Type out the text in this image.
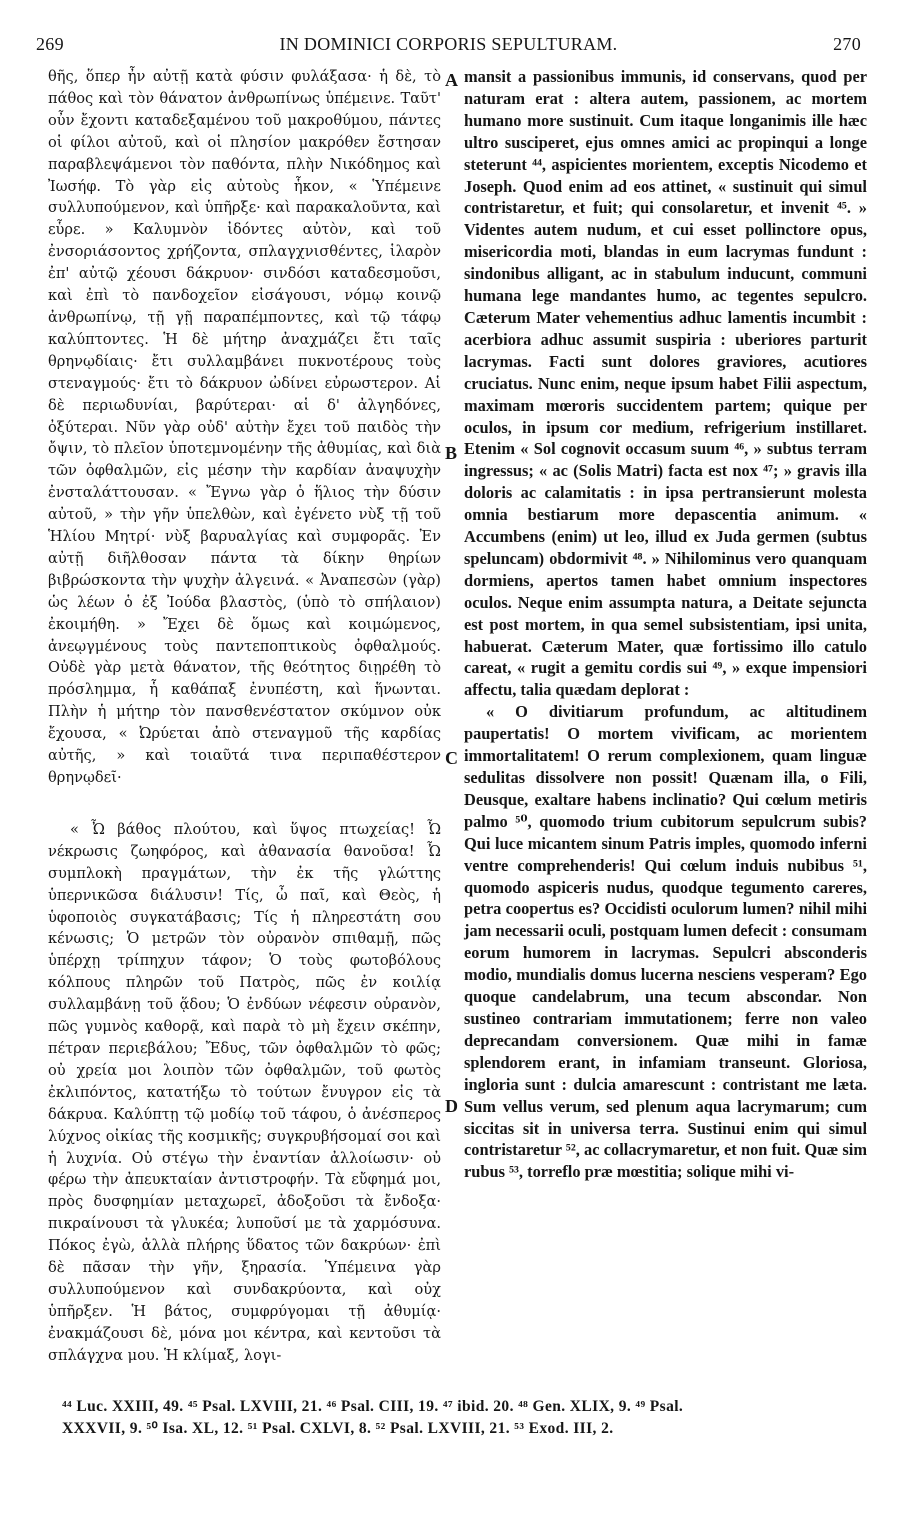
269	IN DOMINICI CORPORIS SEPULTURAM.	270

θῆς, ὅπερ ἦν αὐτῇ κατὰ φύσιν φυλάξασα· ἡ δὲ, τὸ πάθος καὶ τὸν θάνατον ἀνθρωπίνως ὑπέμεινε. Ταῦτ' οὖν ἔχοντι καταδεξαμένου τοῦ μακροθύμου, πάντες οἱ φίλοι αὐτοῦ, καὶ οἱ πλησίον μακρόθεν ἔστησαν παραβλεψάμενοι τὸν παθόντα, πλὴν Νικόδημος καὶ Ἰωσήφ. Τὸ γὰρ εἰς αὐτοὺς ἧκον, « Ὑπέμεινε συλλυπούμενον, καὶ ὑπῆρξε· καὶ παρακαλοῦντα, καὶ εὗρε. » Καλυμνὸν ἰδόντες αὐτὸν, καὶ τοῦ ἐνσοριάσοντος χρήζοντα, σπλαγχνισθέντες, ἱλαρὸν ἐπ' αὐτῷ χέουσι δάκρυον· σινδόσι καταδεσμοῦσι, καὶ ἐπὶ τὸ πανδοχεῖον εἰσάγουσι, νόμῳ κοινῷ ἀνθρωπίνῳ, τῇ γῇ παραπέμποντες, καὶ τῷ τάφῳ καλύπτοντες. Ἡ δὲ μήτηρ ἀναχμάζει ἔτι ταῖς θρηνῳδίαις· ἔτι συλλαμβάνει πυκνοτέρους τοὺς στεναγμούς· ἔτι τὸ δάκρυον ὠδίνει εὐρωστερον. Αἱ δὲ περιωδυνίαι, βαρύτεραι· αἱ δ' ἀλγηδόνες, ὀξύτεραι. Νῦν γὰρ οὐδ' αὐτὴν ἔχει τοῦ παιδὸς τὴν ὄψιν, τὸ πλεῖον ὑποτεμνομένην τῆς ἀθυμίας, καὶ διὰ τῶν ὀφθαλμῶν, εἰς μέσην τὴν καρδίαν ἀναψυχὴν ἐνσταλάττουσαν. « Ἔγνω γὰρ ὁ ἥλιος τὴν δύσιν αὐτοῦ, » τὴν γῆν ὑπελθὼν, καὶ ἐγένετο νὺξ τῇ τοῦ Ἡλίου Μητρί· νὺξ βαρυαλγίας καὶ συμφορᾶς. Ἐν αὐτῇ διῆλθοσαν πάντα τὰ δίκην θηρίων βιβρώσκοντα τὴν ψυχὴν ἀλγεινά. « Ἀναπεσὼν (γὰρ) ὡς λέων ὁ ἐξ Ἰούδα βλαστὸς, (ὑπὸ τὸ σπήλαιον) ἐκοιμήθη. » Ἔχει δὲ ὅμως καὶ κοιμώμενος, ἀνεῳγμένους τοὺς παντεποπτικοὺς ὀφθαλμούς. Οὐδὲ γὰρ μετὰ θάνατον, τῆς θεότητος διῃρέθη τὸ πρόσλημμα, ἧ καθάπαξ ἐνυπέστη, καὶ ἥνωνται. Πλὴν ἡ μήτηρ τὸν πανσθενέστατον σκύμνον οὐκ ἔχουσα, « Ὠρύεται ἀπὸ στεναγμοῦ τῆς καρδίας αὐτῆς, » καὶ τοιαῦτά τινα περιπαθέστερον θρηνῳδεῖ·

« Ὦ βάθος πλούτου, καὶ ὕψος πτωχείας! Ὦ νέκρωσις ζωηφόρος, καὶ ἀθανασία θανοῦσα! Ὦ συμπλοκὴ πραγμάτων, τὴν ἐκ τῆς γλώττης ὑπερνικῶσα διάλυσιν! Τίς, ὦ παῖ, καὶ Θεὸς, ἡ ὑφοποιὸς συγκατάβασις; Τίς ἡ πληρεστάτη σου κένωσις; Ὁ μετρῶν τὸν οὐρανὸν σπιθαμῇ, πῶς ὑπέρχῃ τρίπηχυν τάφον; Ὁ τοὺς φωτοβόλους κόλπους πληρῶν τοῦ Πατρὸς, πῶς ἐν κοιλίᾳ συλλαμβάνῃ τοῦ ᾅδου; Ὁ ἐνδύων νέφεσιν οὐρανὸν, πῶς γυμνὸς καθορᾷ, καὶ παρὰ τὸ μὴ ἔχειν σκέπην, πέτραν περιεβάλου; Ἔδυς, τῶν ὀφθαλμῶν τὸ φῶς; οὐ χρεία μοι λοιπὸν τῶν ὀφθαλμῶν, τοῦ φωτὸς ἐκλιπόντος, κατατήξω τὸ τούτων ἔνυγρον εἰς τὰ δάκρυα. Καλύπτῃ τῷ μοδίῳ τοῦ τάφου, ὁ ἀνέσπερος λύχνος οἰκίας τῆς κοσμικῆς; συγκρυβήσομαί σοι καὶ ἡ λυχνία. Οὐ στέγω τὴν ἐναντίαν ἀλλοίωσιν· οὐ φέρω τὴν ἀπευκταίαν ἀντιστροφήν. Τὰ εὔφημά μοι, πρὸς δυσφημίαν μεταχωρεῖ, ἀδοξοῦσι τὰ ἔνδοξα· πικραίνουσι τὰ γλυκέα; λυποῦσί με τὰ χαρμόσυνα. Πόκος ἐγὼ, ἀλλὰ πλήρης ὕδατος τῶν δακρύων· ἐπὶ δὲ πᾶσαν τὴν γῆν, ξηρασία. Ὑπέμεινα γὰρ συλλυπούμενον καὶ συνδακρύοντα, καὶ οὐχ ὑπῆρξεν. Ἡ βάτος, συμφρύγομαι τῇ ἀθυμίᾳ· ἐνακμάζουσι δὲ, μόνα μοι κέντρα, καὶ κεντοῦσι τὰ σπλάγχνα μου. Ἡ κλίμαξ, λογι-

mansit a passionibus immunis, id conservans, quod per naturam erat : altera autem, passionem, ac mortem humano more sustinuit. Cum itaque longanimis ille hæc ultro susciperet, ejus omnes amici ac propinqui a longe steterunt ⁴⁴, aspicientes morientem, exceptis Nicodemo et Joseph. Quod enim ad eos attinet, « sustinuit qui simul contristaretur, et fuit; qui consolaretur, et invenit ⁴⁵. » Videntes autem nudum, et cui esset pollinctore opus, misericordia moti, blandas in eum lacrymas fundunt : sindonibus alligant, ac in stabulum inducunt, communi humana lege mandantes humo, ac tegentes sepulcro. Cæterum Mater vehementius adhuc lamentis incumbit : acerbiora adhuc assumit suspiria : uberiores parturit lacrymas. Facti sunt dolores graviores, acutiores cruciatus. Nunc enim, neque ipsum habet Filii aspectum, maximam mœroris succidentem partem; quique per oculos, in ipsum cor medium, refrigerium instillaret. Etenim « Sol cognovit occasum suum ⁴⁶, » subtus terram ingressus; « ac (Solis Matri) facta est nox ⁴⁷; » gravis illa doloris ac calamitatis : in ipsa pertransierunt molesta omnia bestiarum more depascentia animum. « Accumbens (enim) ut leo, illud ex Juda germen (subtus speluncam) obdormivit ⁴⁸. » Nihilominus vero quanquam dormiens, apertos tamen habet omnium inspectores oculos. Neque enim assumpta natura, a Deitate sejuncta est post mortem, in qua semel subsistentiam, ipsi unita, habuerat. Cæterum Mater, quæ fortissimo illo catulo careat, « rugit a gemitu cordis sui ⁴⁹, » exque impensiori affectu, talia quædam deplorat :

« O divitiarum profundum, ac altitudinem paupertatis! O mortem vivificam, ac morientem immortalitatem! O rerum complexionem, quam linguæ sedulitas dissolvere non possit! Quænam illa, o Fili, Deusque, exaltare habens inclinatio? Qui cœlum metiris palmo ⁵⁰, quomodo trium cubitorum sepulcrum subis? Qui luce micantem sinum Patris imples, quomodo inferni ventre comprehenderis! Qui cœlum induis nubibus ⁵¹, quomodo aspiceris nudus, quodque tegumento careres, petra coopertus es? Occidisti oculorum lumen? nihil mihi jam necessarii oculi, postquam lumen defecit : consumam eorum humorem in lacrymas. Sepulcri absconderis modio, mundialis domus lucerna nesciens vesperam? Ego quoque candelabrum, una tecum abscondar. Non sustineo contrariam immutationem; ferre non valeo deprecandam conversionem. Quæ mihi in famæ splendorem erant, in infamiam transeunt. Gloriosa, ingloria sunt : dulcia amarescunt : contristant me læta. Sum vellus verum, sed plenum aqua lacrymarum; cum siccitas sit in universa terra. Sustinui enim qui simul contristaretur ⁵², ac collacrymaretur, et non fuit. Quæ sim rubus ⁵³, torreflo præ mœstitia; solique mihi vi-

A
B
C
D
⁴⁴ Luc. XXIII, 49. ⁴⁵ Psal. LXVIII, 21. ⁴⁶ Psal. CIII, 19. ⁴⁷ ibid. 20. ⁴⁸ Gen. XLIX, 9. ⁴⁹ Psal.
XXXVII, 9. ⁵⁰ Isa. XL, 12. ⁵¹ Psal. CXLVI, 8. ⁵² Psal. LXVIII, 21. ⁵³ Exod. III, 2.
